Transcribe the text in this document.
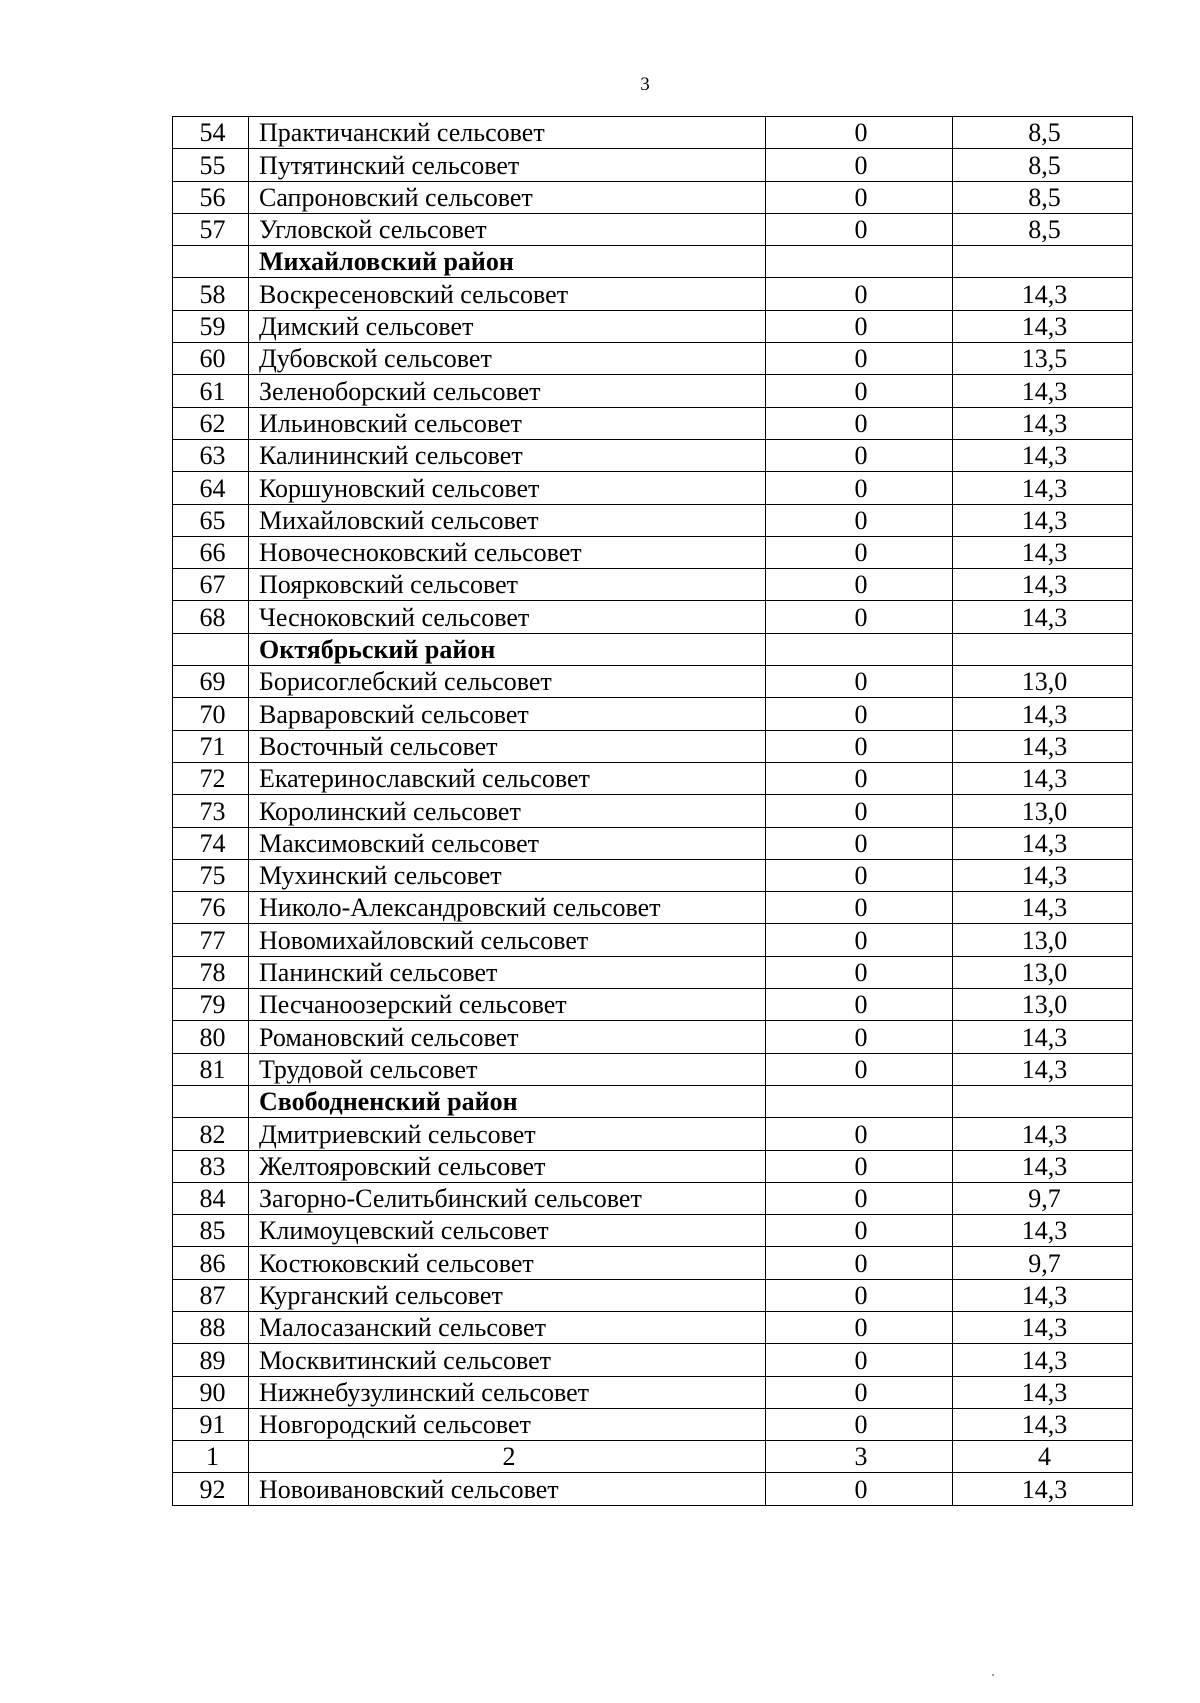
3
54	Практичанский сельсовет	0	8,5
55	Путятинский сельсовет	0	8,5
56	Сапроновский сельсовет	0	8,5
57	Угловской сельсовет	0	8,5
	Михайловский район		
58	Воскресеновский сельсовет	0	14,3
59	Димский сельсовет	0	14,3
60	Дубовской сельсовет	0	13,5
61	Зеленоборский сельсовет	0	14,3
62	Ильиновский сельсовет	0	14,3
63	Калининский сельсовет	0	14,3
64	Коршуновский сельсовет	0	14,3
65	Михайловский сельсовет	0	14,3
66	Новочесноковский сельсовет	0	14,3
67	Поярковский сельсовет	0	14,3
68	Чесноковский сельсовет	0	14,3
	Октябрьский район		
69	Борисоглебский сельсовет	0	13,0
70	Варваровский сельсовет	0	14,3
71	Восточный сельсовет	0	14,3
72	Екатеринославский сельсовет	0	14,3
73	Королинский сельсовет	0	13,0
74	Максимовский сельсовет	0	14,3
75	Мухинский сельсовет	0	14,3
76	Николо-Александровский сельсовет	0	14,3
77	Новомихайловский сельсовет	0	13,0
78	Панинский сельсовет	0	13,0
79	Песчаноозерский сельсовет	0	13,0
80	Романовский сельсовет	0	14,3
81	Трудовой сельсовет	0	14,3
	Свободненский район		
82	Дмитриевский сельсовет	0	14,3
83	Желтояровский сельсовет	0	14,3
84	Загорно-Селитьбинский сельсовет	0	9,7
85	Климоуцевский сельсовет	0	14,3
86	Костюковский сельсовет	0	9,7
87	Курганский сельсовет	0	14,3
88	Малосазанский сельсовет	0	14,3
89	Москвитинский сельсовет	0	14,3
90	Нижнебузулинский сельсовет	0	14,3
91	Новгородский сельсовет	0	14,3
1	2	3	4
92	Новоивановский сельсовет	0	14,3
